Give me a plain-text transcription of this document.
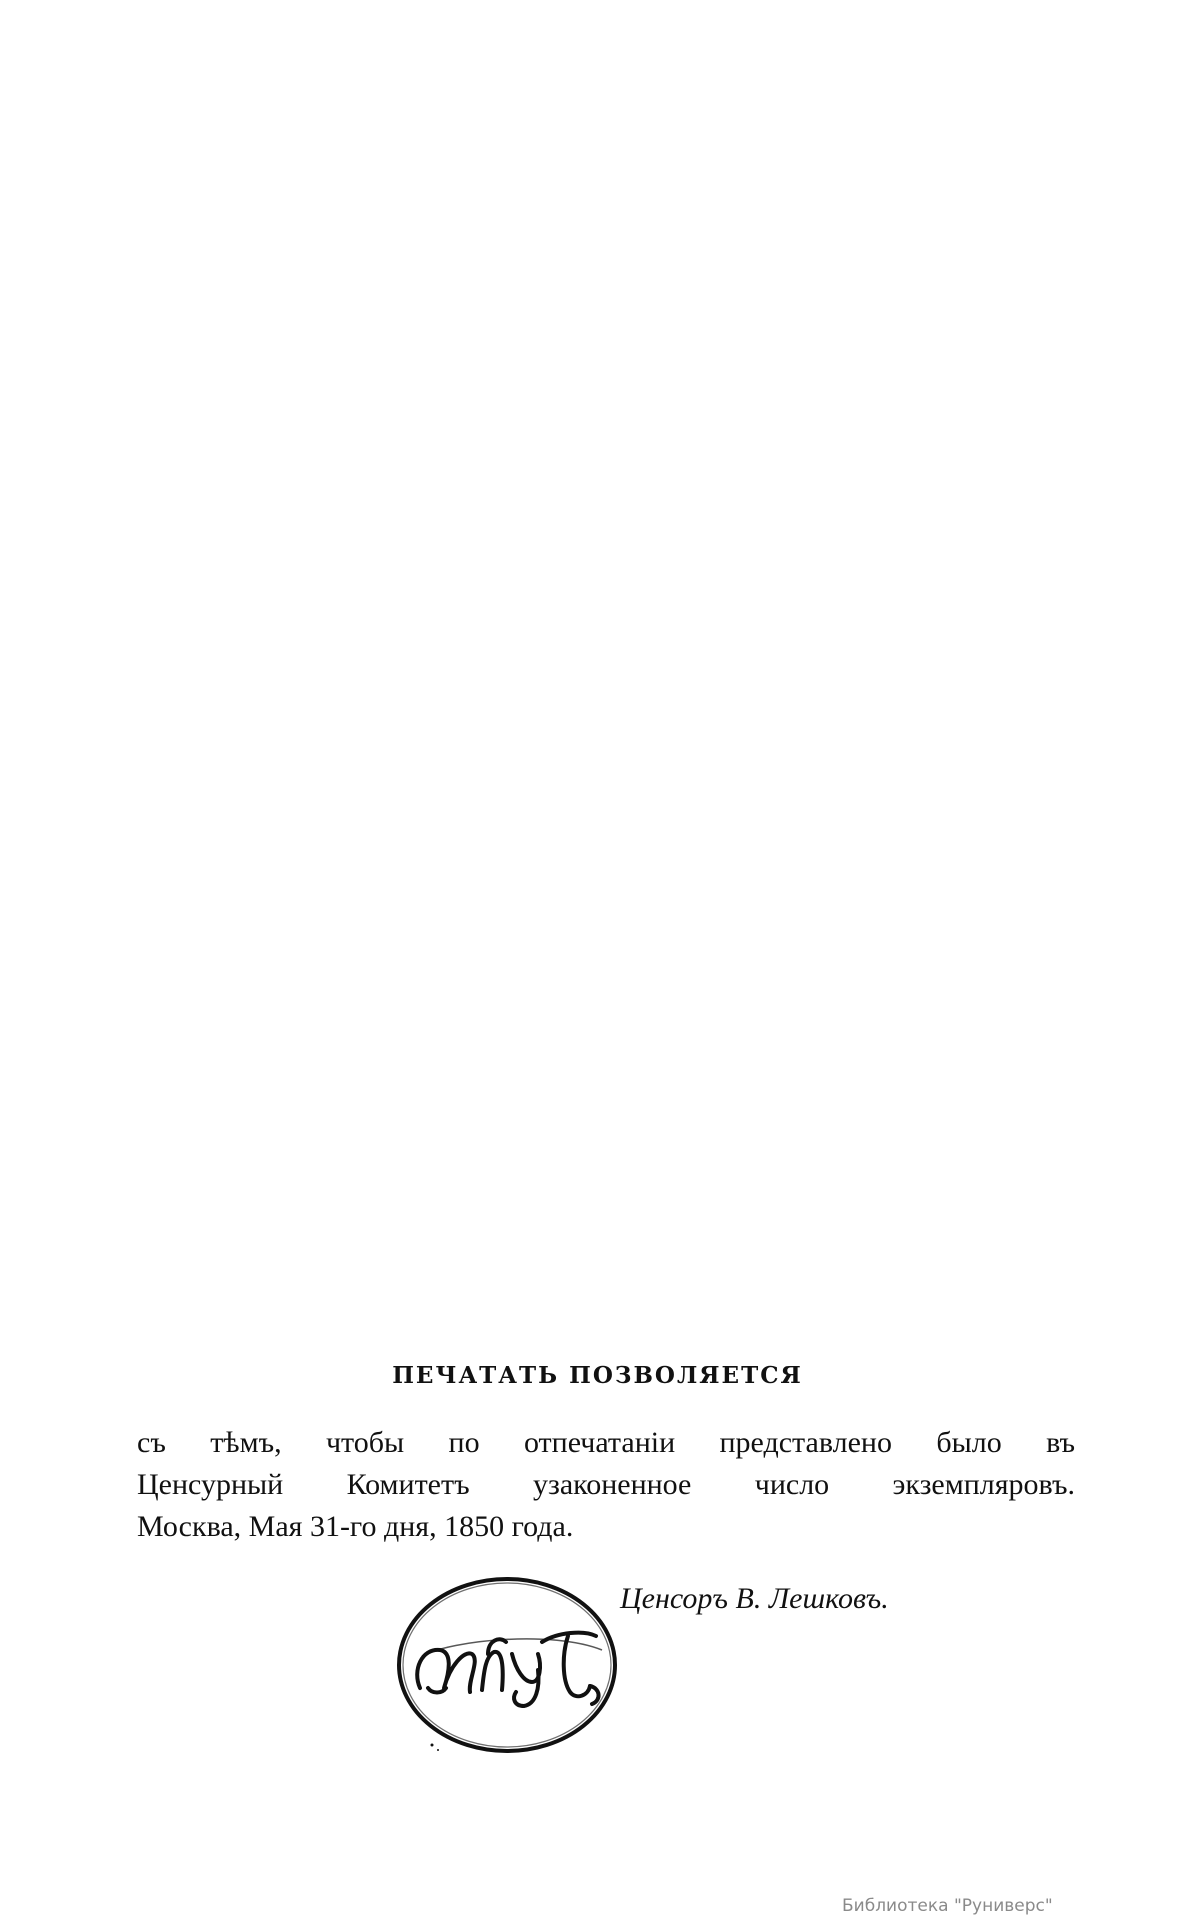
ПЕЧАТАТЬ ПОЗВОЛЯЕТСЯ
съ тѣмъ, чтобы по отпечатаніи представлено было въ
Ценсурный Комитетъ узаконенное число экземпляровъ.
Москва, Мая 31-го дня, 1850 года.
Ценсоръ В. Лешковъ.
Библиотека "Руниверс"
